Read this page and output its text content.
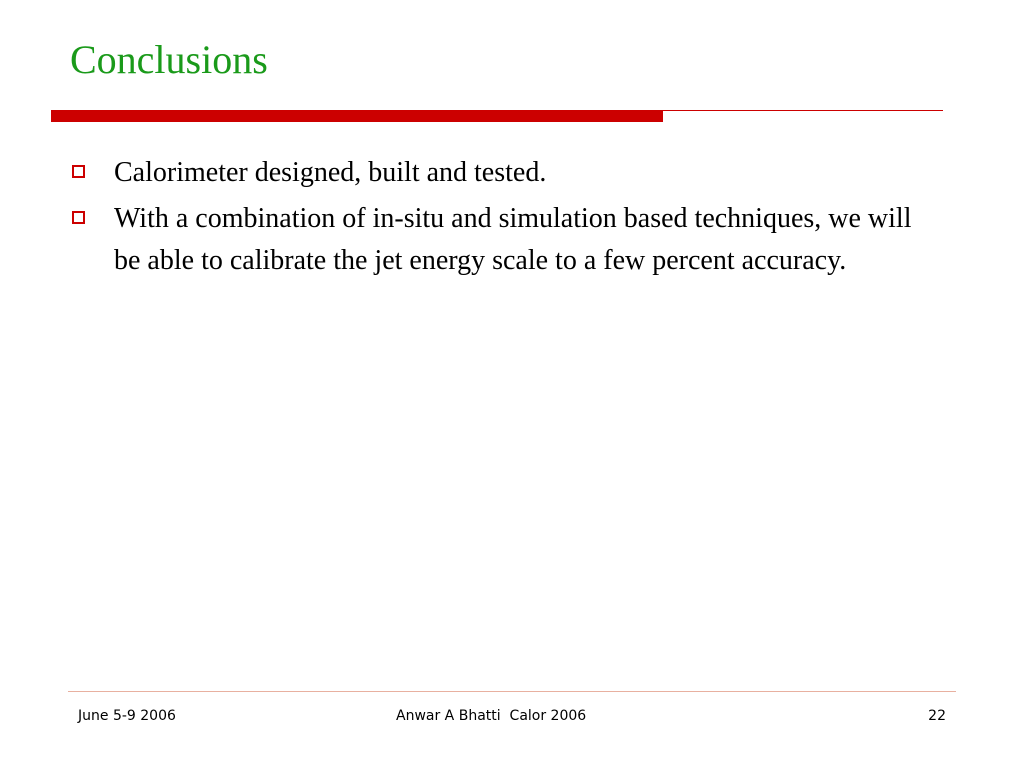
Conclusions
Calorimeter designed, built and tested.
With a combination of in-situ and simulation based techniques, we will be able to calibrate the jet energy scale to a few percent accuracy.
June 5-9 2006	Anwar A Bhatti  Calor 2006	22
